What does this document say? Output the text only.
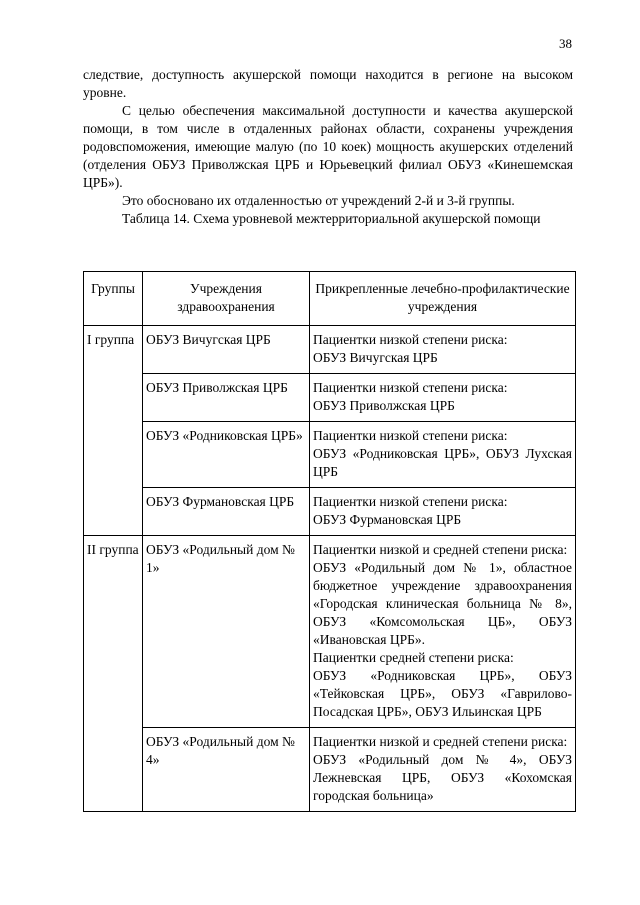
38

следствие, доступность акушерской помощи находится в регионе на высоком уровне.

С целью обеспечения максимальной доступности и качества акушерской помощи, в том числе в отдаленных районах области, сохранены учреждения родовспоможения, имеющие малую (по 10 коек) мощность акушерских отделений (отделения ОБУЗ Приволжская ЦРБ и Юрьевецкий филиал ОБУЗ «Кинешемская ЦРБ»).

Это обосновано их отдаленностью от учреждений 2-й и 3-й группы.

Таблица 14. Схема уровневой межтерриториальной акушерской помощи

Группы	Учреждения здравоохранения	Прикрепленные лечебно-профилактические учреждения
I группа	ОБУЗ Вичугская ЦРБ	Пациентки низкой степени риска:
ОБУЗ Вичугская ЦРБ

	ОБУЗ Приволжская ЦРБ	Пациентки низкой степени риска:
ОБУЗ Приволжская ЦРБ

	ОБУЗ «Родниковская ЦРБ»	Пациентки низкой степени риска:
ОБУЗ «Родниковская ЦРБ», ОБУЗ Лухская ЦРБ

	ОБУЗ Фурмановская ЦРБ	Пациентки низкой степени риска:
ОБУЗ Фурмановская ЦРБ

II группа	ОБУЗ «Родильный дом № 1»	Пациентки низкой и средней степени риска:
ОБУЗ «Родильный дом № 1», областное бюджетное учреждение здравоохранения «Городская клиническая больница № 8», ОБУЗ «Комсомольская ЦБ», ОБУЗ «Ивановская ЦРБ».
Пациентки средней степени риска:
ОБУЗ «Родниковская ЦРБ», ОБУЗ «Тейковская ЦРБ», ОБУЗ «Гаврилово-Посадская ЦРБ», ОБУЗ Ильинская ЦРБ

	ОБУЗ «Родильный дом № 4»	Пациентки низкой и средней степени риска:
ОБУЗ «Родильный дом № 4», ОБУЗ Лежневская ЦРБ, ОБУЗ «Кохомская городская больница»
